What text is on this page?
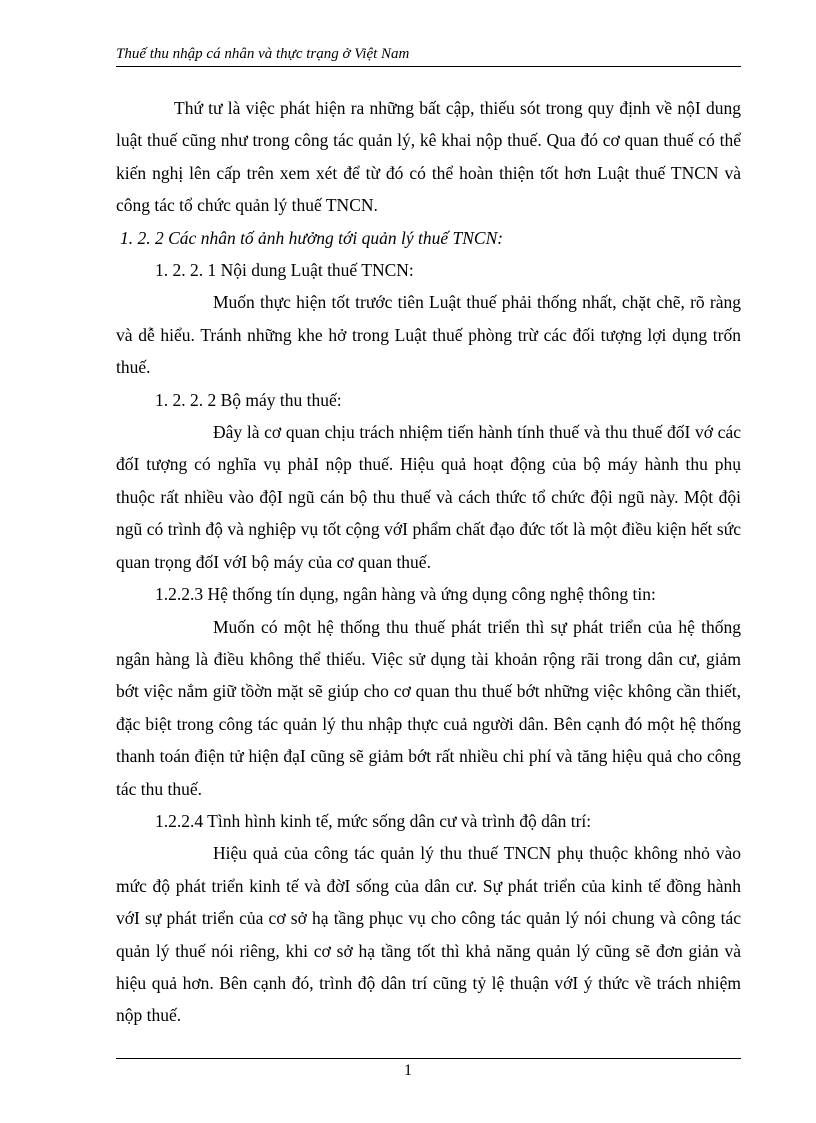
Thuế thu nhập cá nhân và thực trạng ở Việt Nam

Thứ tư là việc phát hiện ra những bất cập, thiếu sót trong quy định về nộI dung luật thuế cũng như trong công tác quản lý, kê khai nộp thuế. Qua đó cơ quan thuế có thể kiến nghị lên cấp trên xem xét để từ đó có thể hoàn thiện tốt hơn Luật thuế TNCN và công tác tổ chức quản lý thuế TNCN.

1. 2. 2 Các nhân tố ảnh hưởng tới quản lý thuế TNCN:

1. 2. 2. 1 Nội dung Luật thuế TNCN:

Muốn thực hiện tốt trước tiên Luật thuế phải thống nhất, chặt chẽ, rõ ràng và dễ hiểu. Tránh những khe hở trong Luật thuế phòng trừ các đối tượng lợi dụng trốn thuế.

1. 2. 2. 2 Bộ máy thu thuế:

Đây là cơ quan chịu trách nhiệm tiến hành tính thuế và thu thuế đốI vớ các đốI tượng có nghĩa vụ phảI nộp thuế. Hiệu quả hoạt động của bộ máy hành thu phụ thuộc rất nhiều vào độI ngũ cán bộ thu thuế và cách thức tổ chức đội ngũ này. Một đội ngũ có trình độ và nghiệp vụ tốt cộng vớI phẩm chất đạo đức tốt là một điều kiện hết sức quan trọng đốI vớI bộ máy của cơ quan thuế.

1.2.2.3 Hệ thống tín dụng, ngân hàng và ứng dụng công nghệ thông tin:

Muốn có một hệ thống thu thuế phát triển thì sự phát triển của hệ thống ngân hàng là điều không thể thiếu. Việc sử dụng tài khoản rộng rãi trong dân cư, giảm bớt việc nắm giữ tồờn mặt sẽ giúp cho cơ quan thu thuế bớt những việc không cần thiết, đặc biệt trong công tác quản lý thu nhập thực cuả người dân. Bên cạnh đó một hệ thống thanh toán điện tử hiện đạI cũng sẽ giảm bớt rất nhiều chi phí và tăng hiệu quả cho công tác thu thuế.

1.2.2.4 Tình hình kinh tế, mức sống dân cư và trình độ dân trí:

Hiệu quả của công tác quản lý thu thuế TNCN phụ thuộc không nhỏ vào mức độ phát triển kinh tế và đờI sống của dân cư. Sự phát triển của kinh tế đồng hành vớI sự phát triển của cơ sở hạ tầng phục vụ cho công tác quản lý nói chung và công tác quản lý thuế nói riêng, khi cơ sở hạ tầng tốt thì khả năng quản lý cũng sẽ đơn giản và hiệu quả hơn. Bên cạnh đó, trình độ dân trí cũng tỷ lệ thuận vớI ý thức về trách nhiệm nộp thuế.

1
